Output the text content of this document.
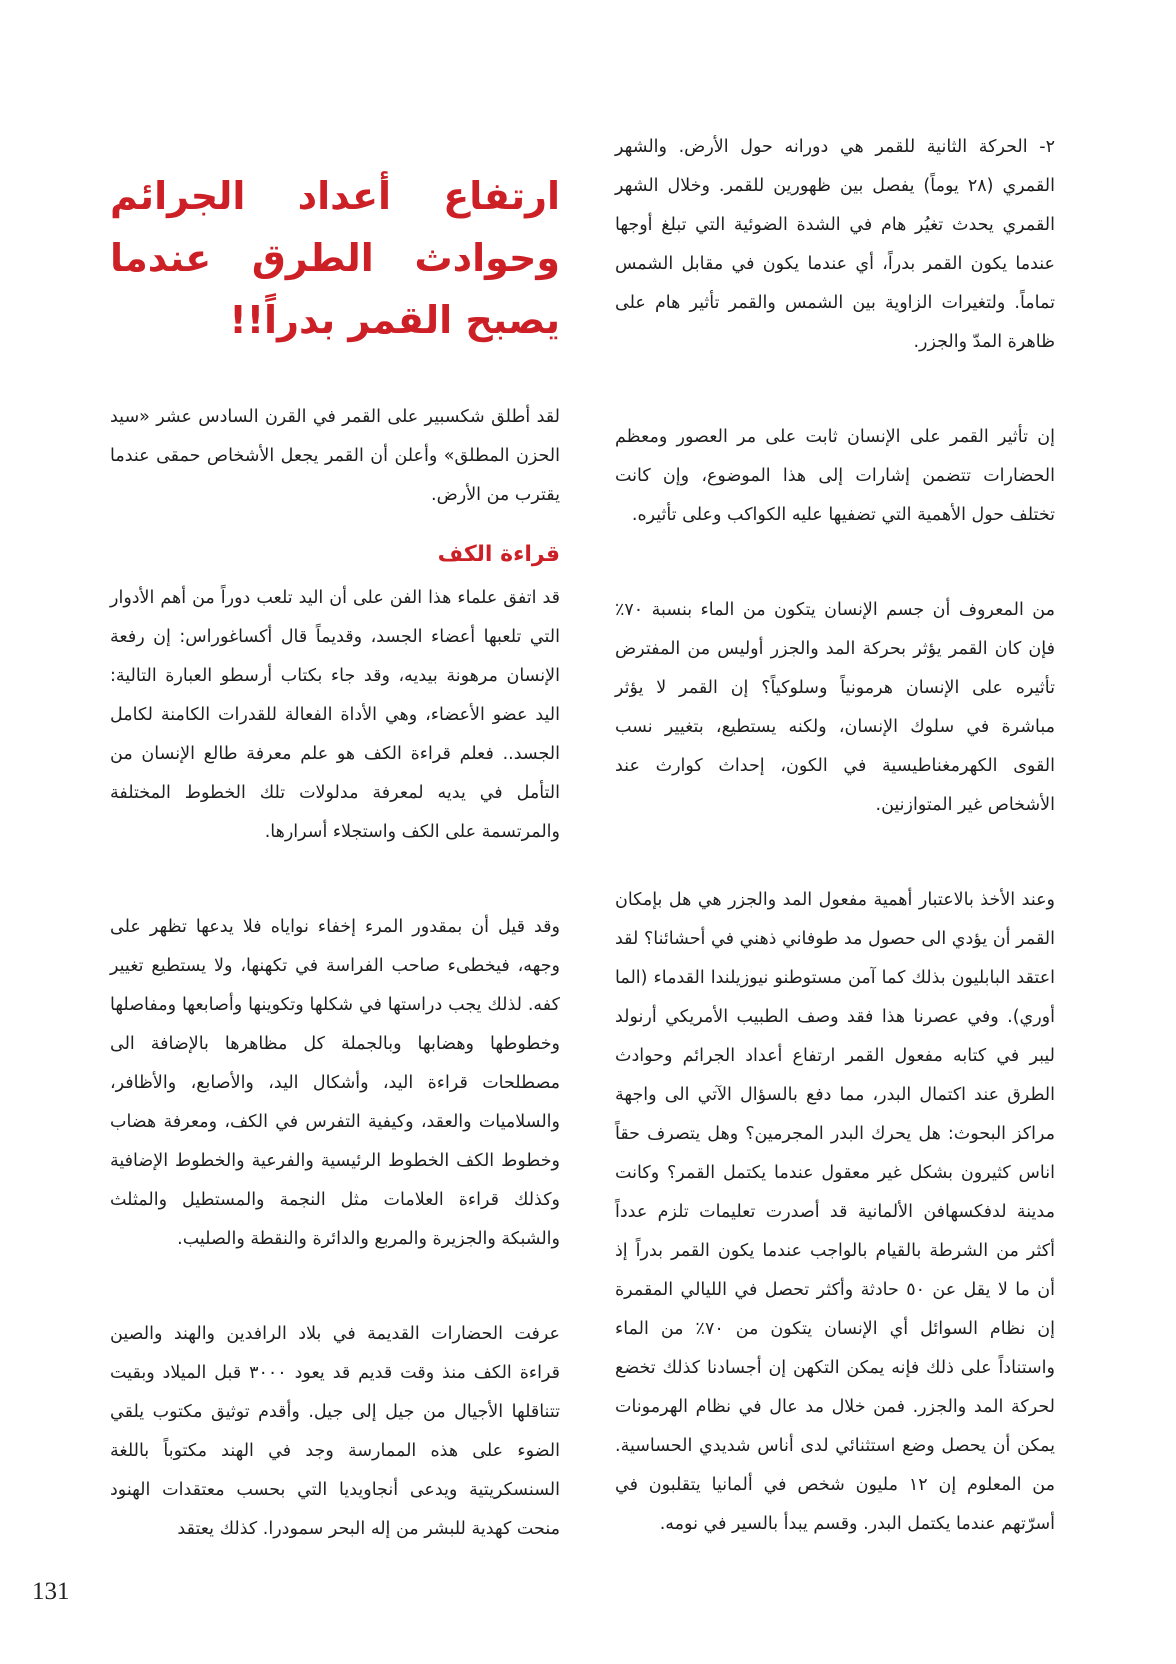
ارتفاع أعداد الجرائم وحوادث الطرق عندما يصبح القمر بدراً!!

٢- الحركة الثانية للقمر هي دورانه حول الأرض. والشهر القمري (٢٨ يوماً) يفصل بين ظهورين للقمر. وخلال الشهر القمري يحدث تغيُر هام في الشدة الضوئية التي تبلغ أوجها عندما يكون القمر بدراً، أي عندما يكون في مقابل الشمس تماماً. ولتغيرات الزاوية بين الشمس والقمر تأثير هام على ظاهرة المدّ والجزر.

إن تأثير القمر على الإنسان ثابت على مر العصور ومعظم الحضارات تتضمن إشارات إلى هذا الموضوع، وإن كانت تختلف حول الأهمية التي تضفيها عليه الكواكب وعلى تأثيره.

من المعروف أن جسم الإنسان يتكون من الماء بنسبة ٧٠٪ فإن كان القمر يؤثر بحركة المد والجزر أوليس من المفترض تأثيره على الإنسان هرمونياً وسلوكياً؟ إن القمر لا يؤثر مباشرة في سلوك الإنسان، ولكنه يستطيع، بتغيير نسب القوى الكهرمغناطيسية في الكون، إحداث كوارث عند الأشخاص غير المتوازنين.

وعند الأخذ بالاعتبار أهمية مفعول المد والجزر هي هل بإمكان القمر أن يؤدي الى حصول مد طوفاني ذهني في أحشائنا؟ لقد اعتقد البابليون بذلك كما آمن مستوطنو نيوزيلندا القدماء (الما أوري). وفي عصرنا هذا فقد وصف الطبيب الأمريكي أرنولد ليبر في كتابه مفعول القمر ارتفاع أعداد الجرائم وحوادث الطرق عند اكتمال البدر، مما دفع بالسؤال الآتي الى واجهة مراكز البحوث: هل يحرك البدر المجرمين؟ وهل يتصرف حقاً اناس كثيرون بشكل غير معقول عندما يكتمل القمر؟ وكانت مدينة لدفكسهافن الألمانية قد أصدرت تعليمات تلزم عدداً أكثر من الشرطة بالقيام بالواجب عندما يكون القمر بدراً إذ أن ما لا يقل عن ٥٠ حادثة وأكثر تحصل في الليالي المقمرة إن نظام السوائل أي الإنسان يتكون من ٧٠٪ من الماء واستناداً على ذلك فإنه يمكن التكهن إن أجسادنا كذلك تخضع لحركة المد والجزر. فمن خلال مد عال في نظام الهرمونات يمكن أن يحصل وضع استثنائي لدى أناس شديدي الحساسية. من المعلوم إن ١٢ مليون شخص في ألمانيا يتقلبون في أسرّتهم عندما يكتمل البدر. وقسم يبدأ بالسير في نومه.

لقد أطلق شكسبير على القمر في القرن السادس عشر «سيد الحزن المطلق» وأعلن أن القمر يجعل الأشخاص حمقى عندما يقترب من الأرض.

قراءة الكف

قد اتفق علماء هذا الفن على أن اليد تلعب دوراً من أهم الأدوار التي تلعبها أعضاء الجسد، وقديماً قال أكساغوراس: إن رفعة الإنسان مرهونة بيديه، وقد جاء بكتاب أرسطو العبارة التالية: اليد عضو الأعضاء، وهي الأداة الفعالة للقدرات الكامنة لكامل الجسد.. فعلم قراءة الكف هو علم معرفة طالع الإنسان من التأمل في يديه لمعرفة مدلولات تلك الخطوط المختلفة والمرتسمة على الكف واستجلاء أسرارها.

وقد قيل أن بمقدور المرء إخفاء نواياه فلا يدعها تظهر على وجهه، فيخطىء صاحب الفراسة في تكهنها، ولا يستطيع تغيير كفه. لذلك يجب دراستها في شكلها وتكوينها وأصابعها ومفاصلها وخطوطها وهضابها وبالجملة كل مظاهرها بالإضافة الى مصطلحات قراءة اليد، وأشكال اليد، والأصابع، والأظافر، والسلاميات والعقد، وكيفية التفرس في الكف، ومعرفة هضاب وخطوط الكف الخطوط الرئيسية والفرعية والخطوط الإضافية وكذلك قراءة العلامات مثل النجمة والمستطيل والمثلث والشبكة والجزيرة والمربع والدائرة والنقطة والصليب.

عرفت الحضارات القديمة في بلاد الرافدين والهند والصين قراءة الكف منذ وقت قديم قد يعود ٣٠٠٠ قبل الميلاد وبقيت تتناقلها الأجيال من جيل إلى جيل. وأقدم توثيق مكتوب يلقي الضوء على هذه الممارسة وجد في الهند مكتوباً باللغة السنسكريتية ويدعى أنجاويديا التي بحسب معتقدات الهنود منحت كهدية للبشر من إله البحر سمودرا. كذلك يعتقد

131
